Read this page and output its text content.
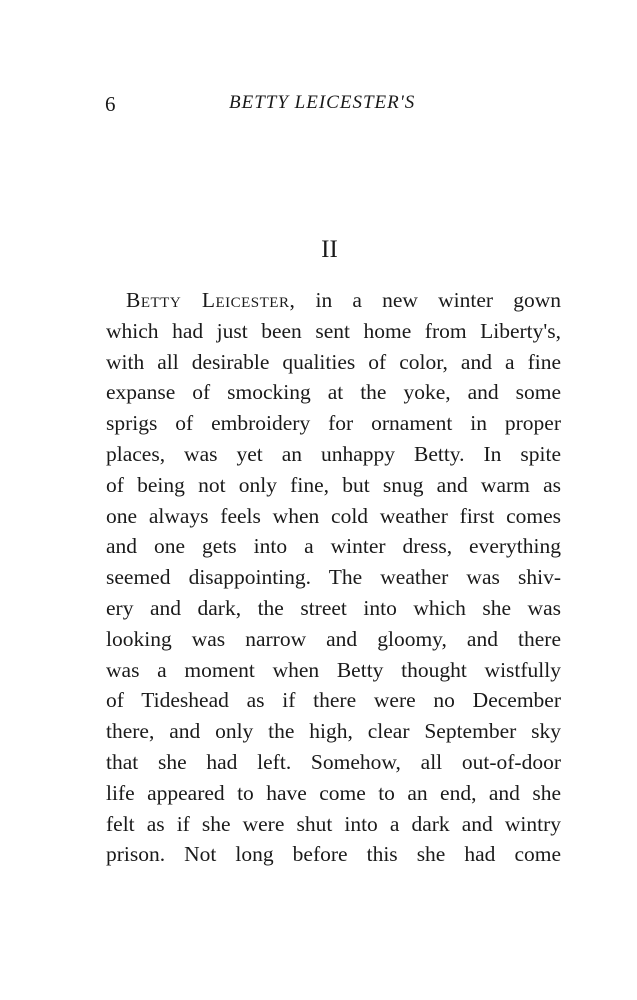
6	BETTY LEICESTER'S
II
Betty Leicester, in a new winter gown
which had just been sent home from Liberty's,
with all desirable qualities of color, and a fine
expanse of smocking at the yoke, and some
sprigs of embroidery for ornament in proper
places, was yet an unhappy Betty. In spite
of being not only fine, but snug and warm as
one always feels when cold weather first comes
and one gets into a winter dress, everything
seemed disappointing. The weather was shiv-
ery and dark, the street into which she was
looking was narrow and gloomy, and there
was a moment when Betty thought wistfully
of Tideshead as if there were no December
there, and only the high, clear September sky
that she had left. Somehow, all out-of-door
life appeared to have come to an end, and she
felt as if she were shut into a dark and wintry
prison. Not long before this she had come
